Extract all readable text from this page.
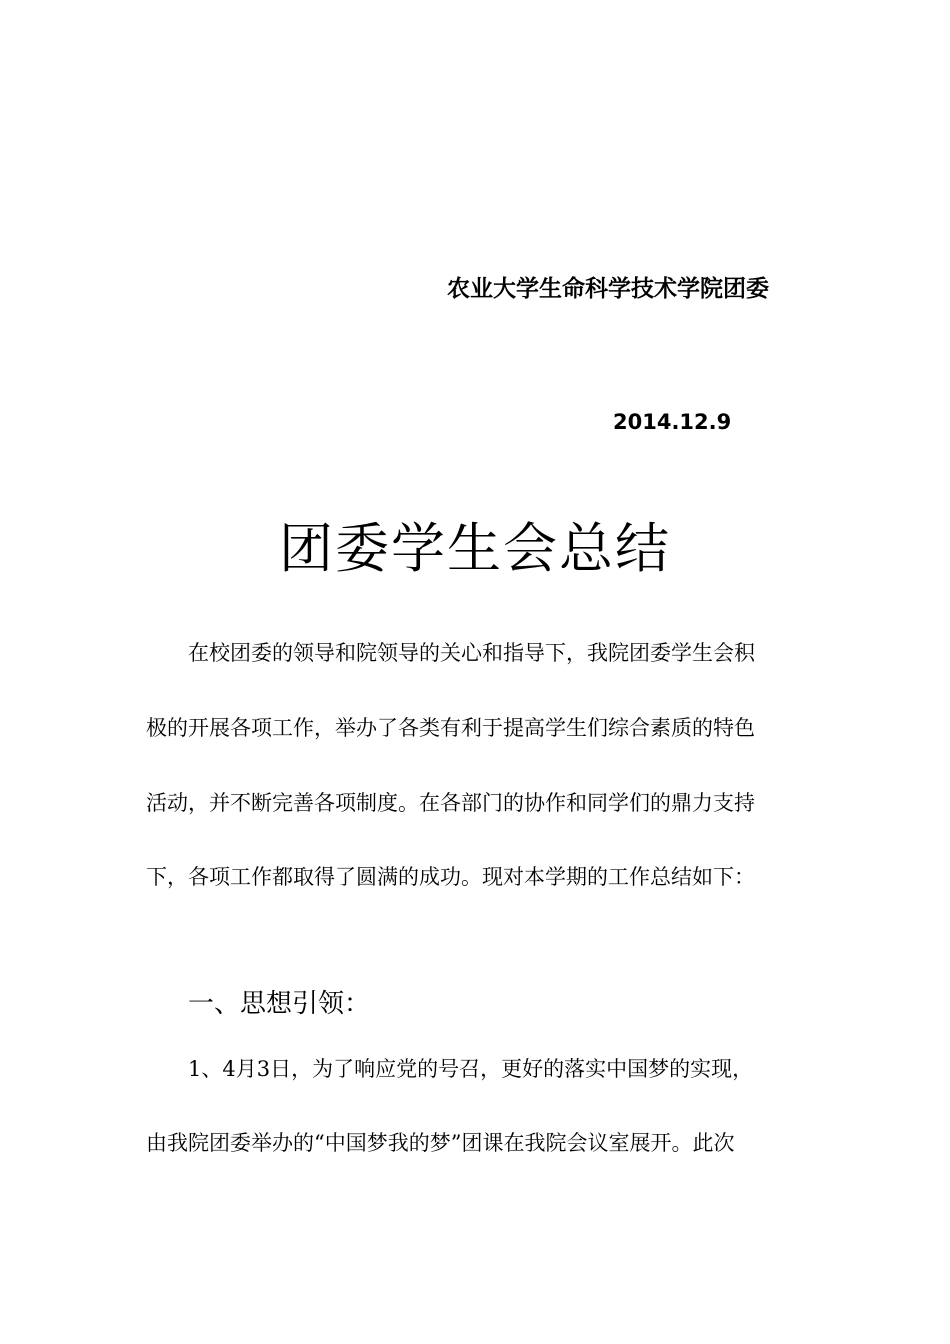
农业大学生命科学技术学院团委
2014.12.9
团委学生会总结
在校团委的领导和院领导的关心和指导下，我院团委学生会积
极的开展各项工作，举办了各类有利于提高学生们综合素质的特色
活动，并不断完善各项制度。在各部门的协作和同学们的鼎力支持
下，各项工作都取得了圆满的成功。现对本学期的工作总结如下：
一、思想引领：
1、4月3日，为了响应党的号召，更好的落实中国梦的实现，
由我院团委举办的“中国梦我的梦”团课在我院会议室展开。此次
